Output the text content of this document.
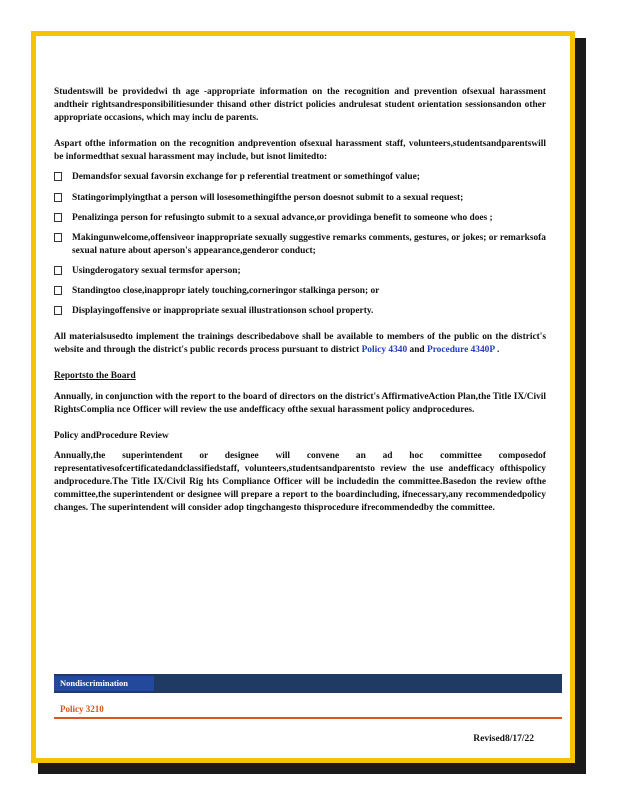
Studentswill be providedwi th age -appropriate information on the recognition and prevention ofsexual harassment andtheir rightsandresponsibilitiesunder thisand other district policies andrulesat student orientation sessionsandon other appropriate occasions, which may inclu de parents.

Aspart ofthe information on the recognition andprevention ofsexual harassment staff, volunteers,studentsandparentswill be informedthat sexual harassment may include, but isnot limitedto:

Demandsfor sexual favorsin exchange for p referential treatment or somethingof value;
Statingorimplyingthat a person will losesomethingifthe person doesnot submit to a sexual request;
Penalizinga person for refusingto submit to a sexual advance,or providinga benefit to someone who does ;
Makingunwelcome,offensiveor inappropriate sexually suggestive remarks comments, gestures, or jokes; or remarksofa sexual nature about aperson's appearance,genderor conduct;
Usingderogatory sexual termsfor aperson;
Standingtoo close,inappropr iately touching,corneringor stalkinga person; or
Displayingoffensive or inappropriate sexual illustrationson school property.

All materialsusedto implement the trainings describedabove shall be available to members of the public on the district's website and through the district's public records process pursuant to district Policy 4340 and Procedure 4340P .

Reportsto the Board

Annually, in conjunction with the report to the board of directors on the district's AffirmativeAction Plan,the Title IX/Civil RightsComplia nce Officer will review the use andefficacy ofthe sexual harassment policy andprocedures.

Policy andProcedure Review

Annually,the superintendent or designee will convene an ad hoc committee composedof representativesofcertificatedandclassifiedstaff, volunteers,studentsandparentsto review the use andefficacy ofthispolicy andprocedure.The Title IX/Civil Rig hts Compliance Officer will be includedin the committee.Basedon the review ofthe committee,the superintendent or designee will prepare a report to the boardincluding, ifnecessary,any recommendedpolicy changes. The superintendent will consider adop tingchangesto thisprocedure ifrecommendedby the committee.

Nondiscrimination
Policy 3210
Revised8/17/22
